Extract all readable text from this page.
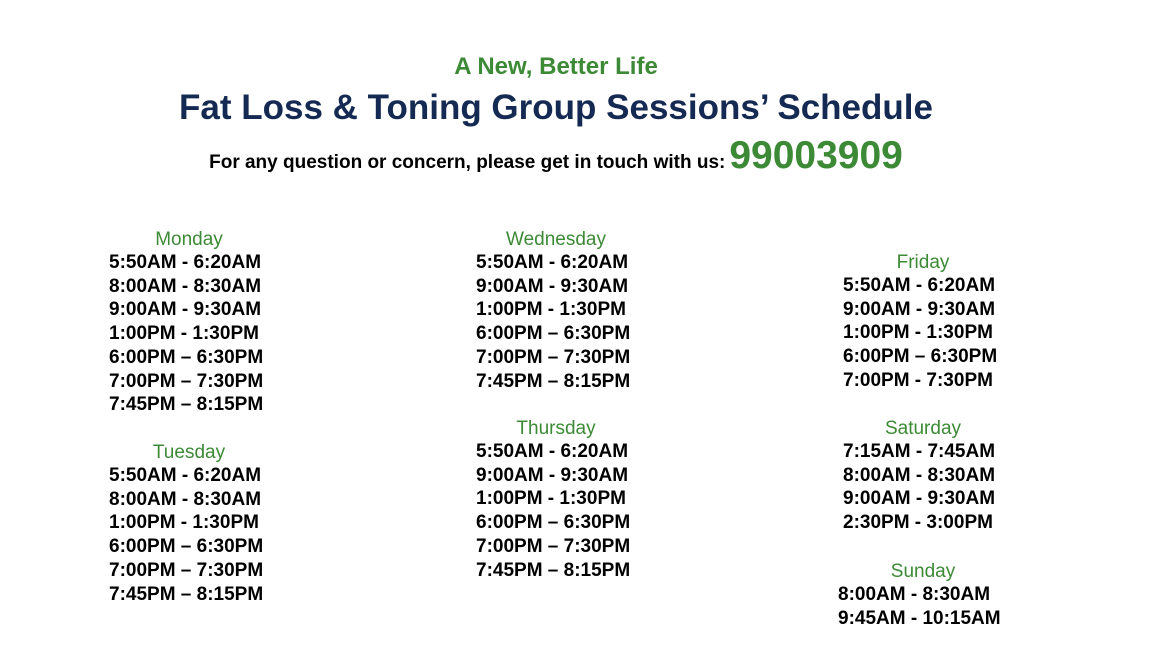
A New, Better Life
Fat Loss & Toning Group Sessions’ Schedule
For any question or concern, please get in touch with us: 99003909
Monday
5:50AM - 6:20AM
8:00AM - 8:30AM
9:00AM - 9:30AM
1:00PM - 1:30PM
6:00PM – 6:30PM
7:00PM – 7:30PM
7:45PM – 8:15PM
Tuesday
5:50AM - 6:20AM
8:00AM - 8:30AM
1:00PM - 1:30PM
6:00PM – 6:30PM
7:00PM – 7:30PM
7:45PM – 8:15PM
Wednesday
5:50AM - 6:20AM
9:00AM - 9:30AM
1:00PM - 1:30PM
6:00PM – 6:30PM
7:00PM – 7:30PM
7:45PM – 8:15PM
Thursday
5:50AM - 6:20AM
9:00AM - 9:30AM
1:00PM - 1:30PM
6:00PM – 6:30PM
7:00PM – 7:30PM
7:45PM – 8:15PM
Friday
5:50AM - 6:20AM
9:00AM - 9:30AM
1:00PM - 1:30PM
6:00PM – 6:30PM
7:00PM - 7:30PM
Saturday
7:15AM - 7:45AM
8:00AM - 8:30AM
9:00AM - 9:30AM
2:30PM - 3:00PM
Sunday
8:00AM - 8:30AM
9:45AM - 10:15AM
